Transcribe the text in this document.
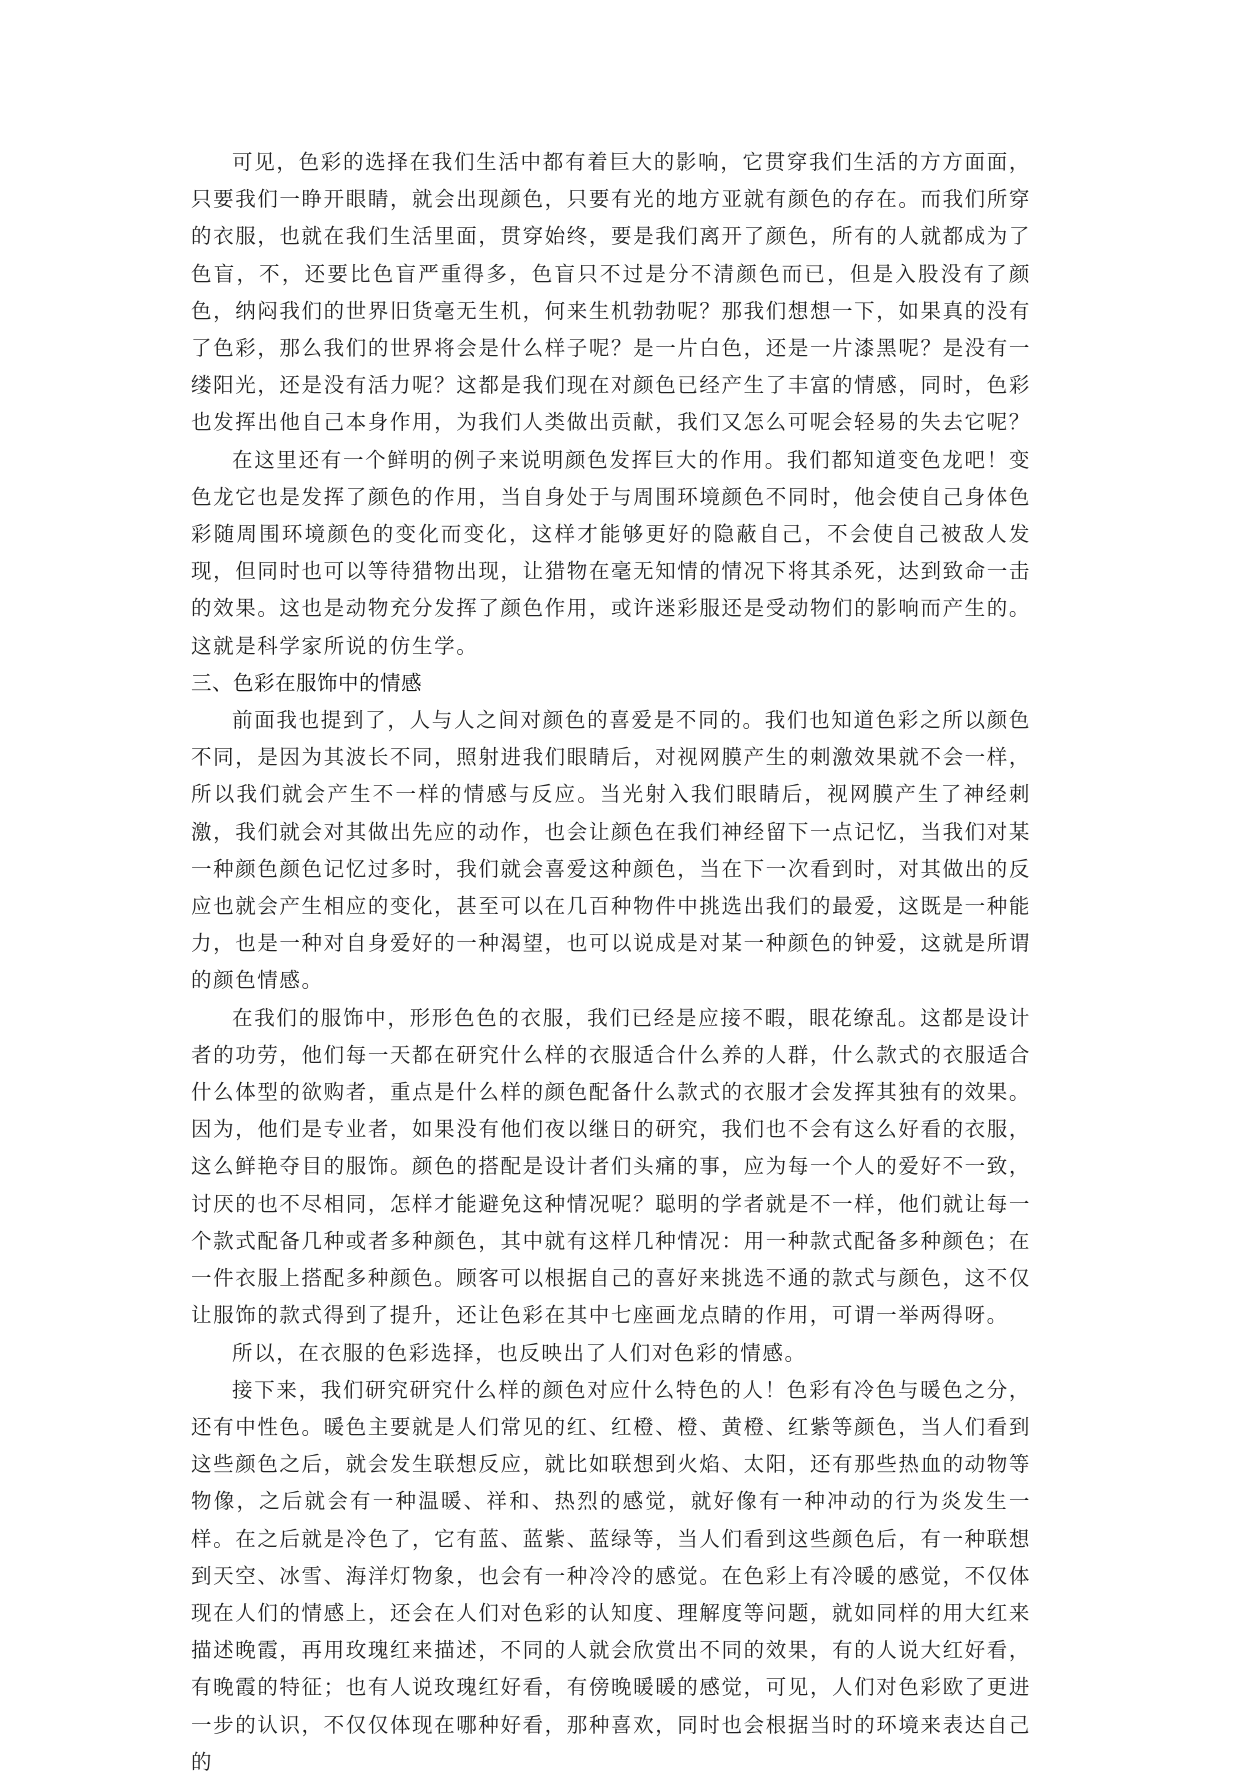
可见，色彩的选择在我们生活中都有着巨大的影响，它贯穿我们生活的方方面面，只要我们一睁开眼睛，就会出现颜色，只要有光的地方亚就有颜色的存在。而我们所穿的衣服，也就在我们生活里面，贯穿始终，要是我们离开了颜色，所有的人就都成为了色盲，不，还要比色盲严重得多，色盲只不过是分不清颜色而已，但是入股没有了颜色，纳闷我们的世界旧货毫无生机，何来生机勃勃呢？那我们想想一下，如果真的没有了色彩，那么我们的世界将会是什么样子呢？是一片白色，还是一片漆黑呢？是没有一缕阳光，还是没有活力呢？这都是我们现在对颜色已经产生了丰富的情感，同时，色彩也发挥出他自己本身作用，为我们人类做出贡献，我们又怎么可呢会轻易的失去它呢？

在这里还有一个鲜明的例子来说明颜色发挥巨大的作用。我们都知道变色龙吧！变色龙它也是发挥了颜色的作用，当自身处于与周围环境颜色不同时，他会使自己身体色彩随周围环境颜色的变化而变化，这样才能够更好的隐蔽自己，不会使自己被敌人发现，但同时也可以等待猎物出现，让猎物在毫无知情的情况下将其杀死，达到致命一击的效果。这也是动物充分发挥了颜色作用，或许迷彩服还是受动物们的影响而产生的。这就是科学家所说的仿生学。

三、色彩在服饰中的情感

前面我也提到了，人与人之间对颜色的喜爱是不同的。我们也知道色彩之所以颜色不同，是因为其波长不同，照射进我们眼睛后，对视网膜产生的刺激效果就不会一样，所以我们就会产生不一样的情感与反应。当光射入我们眼睛后，视网膜产生了神经刺激，我们就会对其做出先应的动作，也会让颜色在我们神经留下一点记忆，当我们对某一种颜色颜色记忆过多时，我们就会喜爱这种颜色，当在下一次看到时，对其做出的反应也就会产生相应的变化，甚至可以在几百种物件中挑选出我们的最爱，这既是一种能力，也是一种对自身爱好的一种渴望，也可以说成是对某一种颜色的钟爱，这就是所谓的颜色情感。

在我们的服饰中，形形色色的衣服，我们已经是应接不暇，眼花缭乱。这都是设计者的功劳，他们每一天都在研究什么样的衣服适合什么养的人群，什么款式的衣服适合什么体型的欲购者，重点是什么样的颜色配备什么款式的衣服才会发挥其独有的效果。因为，他们是专业者，如果没有他们夜以继日的研究，我们也不会有这么好看的衣服，这么鲜艳夺目的服饰。颜色的搭配是设计者们头痛的事，应为每一个人的爱好不一致，讨厌的也不尽相同，怎样才能避免这种情况呢？聪明的学者就是不一样，他们就让每一个款式配备几种或者多种颜色，其中就有这样几种情况：用一种款式配备多种颜色；在一件衣服上搭配多种颜色。顾客可以根据自己的喜好来挑选不通的款式与颜色，这不仅让服饰的款式得到了提升，还让色彩在其中七座画龙点睛的作用，可谓一举两得呀。

所以，在衣服的色彩选择，也反映出了人们对色彩的情感。

接下来，我们研究研究什么样的颜色对应什么特色的人！色彩有冷色与暖色之分，还有中性色。暖色主要就是人们常见的红、红橙、橙、黄橙、红紫等颜色，当人们看到这些颜色之后，就会发生联想反应，就比如联想到火焰、太阳，还有那些热血的动物等物像，之后就会有一种温暖、祥和、热烈的感觉，就好像有一种冲动的行为炎发生一样。在之后就是冷色了，它有蓝、蓝紫、蓝绿等，当人们看到这些颜色后，有一种联想到天空、冰雪、海洋灯物象，也会有一种冷冷的感觉。在色彩上有冷暖的感觉，不仅体现在人们的情感上，还会在人们对色彩的认知度、理解度等问题，就如同样的用大红来描述晚霞，再用玫瑰红来描述，不同的人就会欣赏出不同的效果，有的人说大红好看，有晚霞的特征；也有人说玫瑰红好看，有傍晚暖暖的感觉，可见，人们对色彩欧了更进一步的认识，不仅仅体现在哪种好看，那种喜欢，同时也会根据当时的环境来表达自己的
